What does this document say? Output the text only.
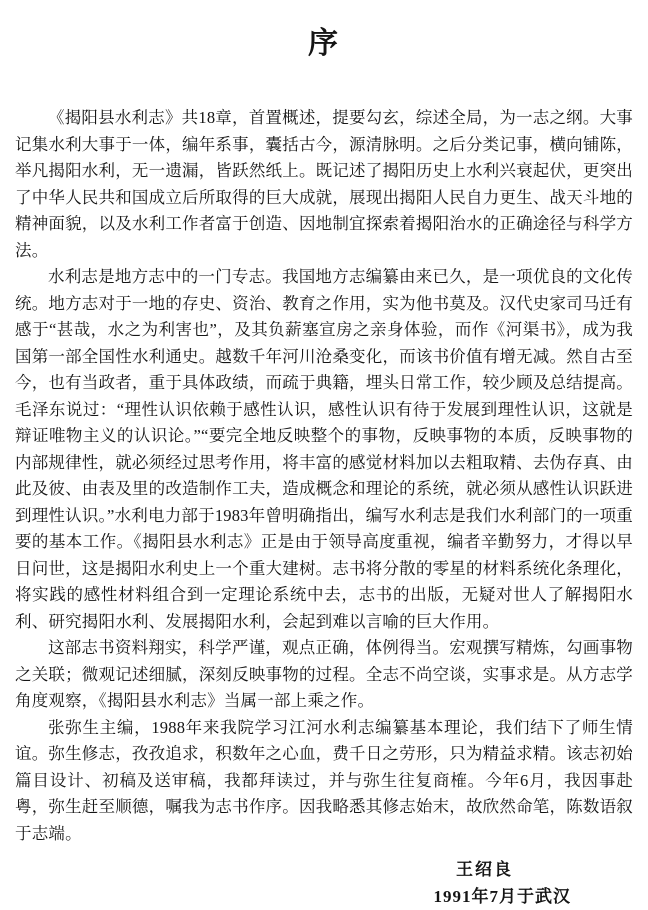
序

《揭阳县水利志》共18章，首置概述，提要勾玄，综述全局，为一志之纲。大事记集水利大事于一体，编年系事，囊括古今，源清脉明。之后分类记事，横向铺陈，举凡揭阳水利，无一遗漏，皆跃然纸上。既记述了揭阳历史上水利兴衰起伏，更突出了中华人民共和国成立后所取得的巨大成就，展现出揭阳人民自力更生、战天斗地的精神面貌，以及水利工作者富于创造、因地制宜探索着揭阳治水的正确途径与科学方法。

水利志是地方志中的一门专志。我国地方志编纂由来已久，是一项优良的文化传统。地方志对于一地的存史、资治、教育之作用，实为他书莫及。汉代史家司马迁有感于“甚哉，水之为利害也”，及其负薪塞宣房之亲身体验，而作《河渠书》，成为我国第一部全国性水利通史。越数千年河川沧桑变化，而该书价值有增无减。然自古至今，也有当政者，重于具体政绩，而疏于典籍，埋头日常工作，较少顾及总结提高。毛泽东说过：“理性认识依赖于感性认识，感性认识有待于发展到理性认识，这就是辩证唯物主义的认识论。”“要完全地反映整个的事物，反映事物的本质，反映事物的内部规律性，就必须经过思考作用，将丰富的感觉材料加以去粗取精、去伪存真、由此及彼、由表及里的改造制作工夫，造成概念和理论的系统，就必须从感性认识跃进到理性认识。”水利电力部于1983年曾明确指出，编写水利志是我们水利部门的一项重要的基本工作。《揭阳县水利志》正是由于领导高度重视，编者辛勤努力，才得以早日问世，这是揭阳水利史上一个重大建树。志书将分散的零星的材料系统化条理化，将实践的感性材料组合到一定理论系统中去，志书的出版，无疑对世人了解揭阳水利、研究揭阳水利、发展揭阳水利，会起到难以言喻的巨大作用。

这部志书资料翔实，科学严谨，观点正确，体例得当。宏观撰写精炼，勾画事物之关联；微观记述细腻，深刻反映事物的过程。全志不尚空谈，实事求是。从方志学角度观察，《揭阳县水利志》当属一部上乘之作。

张弥生主编，1988年来我院学习江河水利志编纂基本理论，我们结下了师生情谊。弥生修志，孜孜追求，积数年之心血，费千日之劳形，只为精益求精。该志初始篇目设计、初稿及送审稿，我都拜读过，并与弥生往复商榷。今年6月，我因事赴粤，弥生赶至顺德，嘱我为志书作序。因我略悉其修志始末，故欣然命笔，陈数语叙于志端。

王绍良
1991年7月于武汉
